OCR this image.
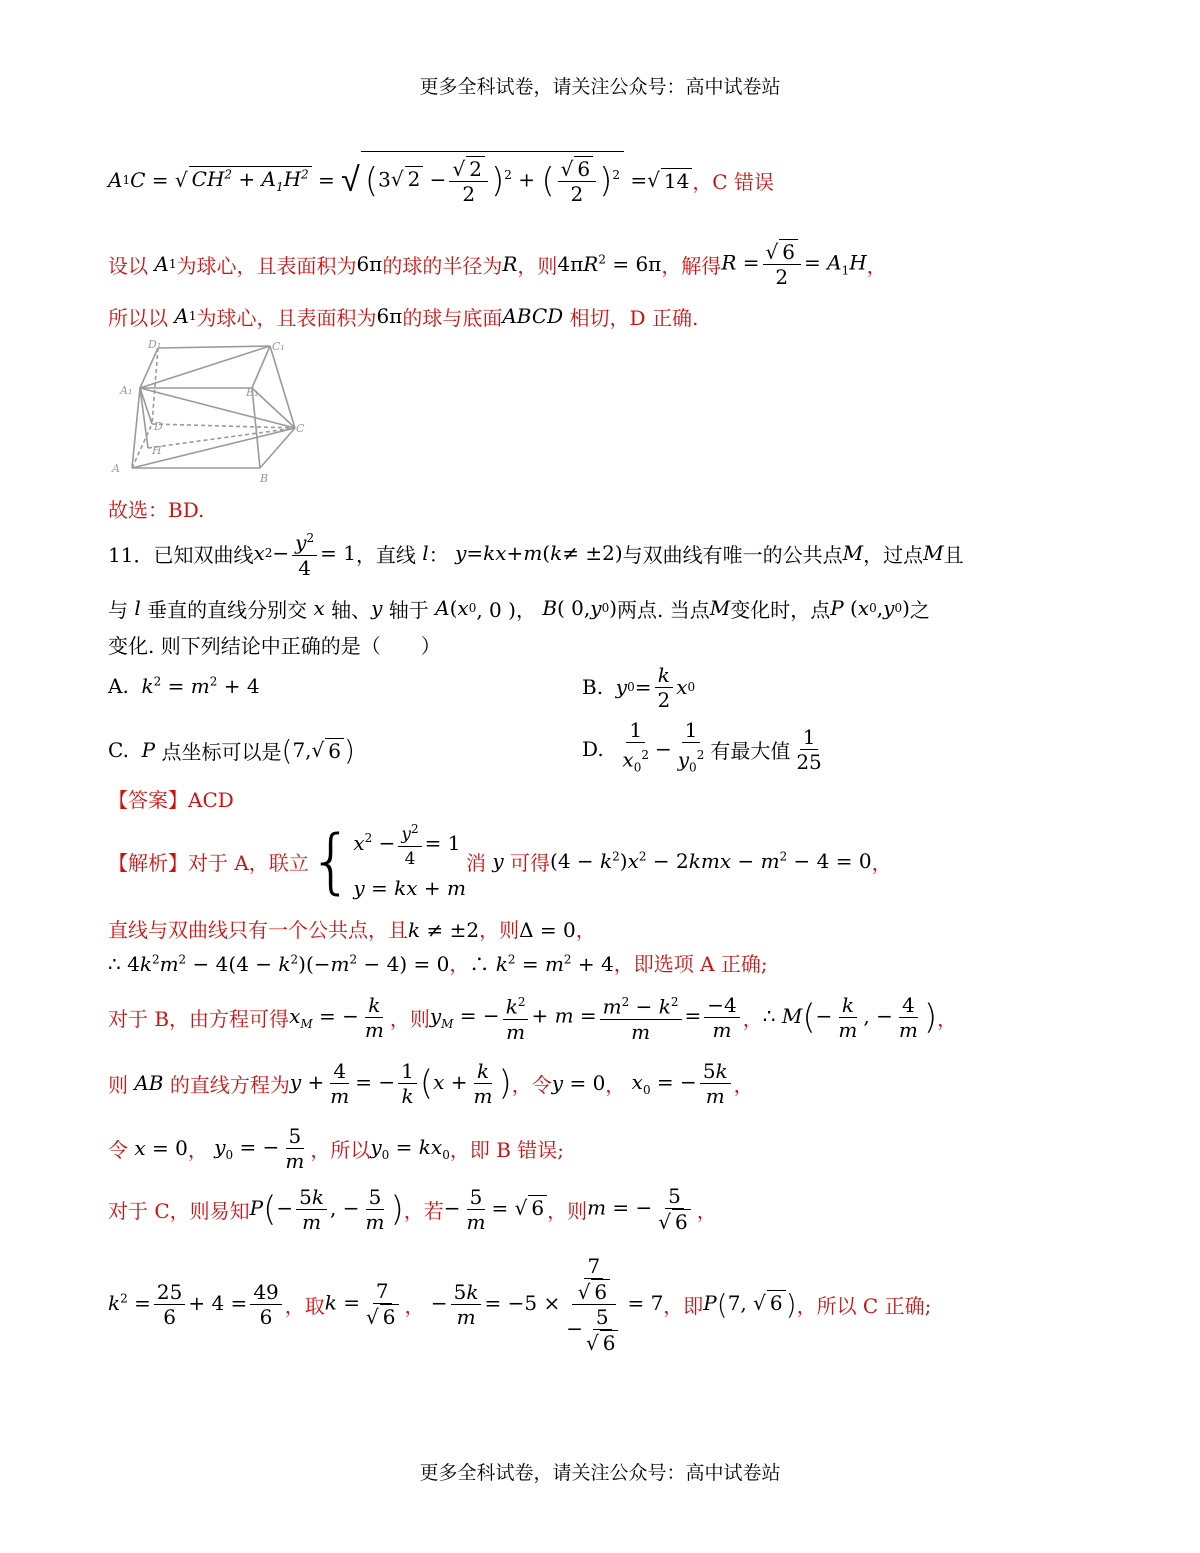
更多全科试卷，请关注公众号：高中试卷站
A 1 C = √ $CH^2 + A_1H^2$ = √ (3 √ 2 − √ $\frac{2}{2} )^2$ + ( √ $\frac{6}{2} )^2$ = √ 14 ，C 错误
设以 A 1 为球心，且表面积为 6π 的球的半径为 R ，则 $4\pi R^2 = 6\pi$ ，解得 R = √ $\frac{6}{2} = A_1H$ ，
所以以 A 1 为球心，且表面积为 6π 的球与底面 ABCD
相切，D 正确.
D₁	C₁
A₁	B₁
D	C
H
A
B
故选：BD.
11．已知双曲线 x $2 - \frac{y^2}{4} = 1$ ，直线
l ： y = kx + m ( k ≠ ±2) 与双曲线有唯一的公共点 M ， 过点 M 且
与
l
垂直的直线分别交
x
轴、 y
轴于 A ( x 0 , 0 )， B ( 0, y 0 ) 两点. 当点 M 变化时，点 P ( x 0 , y 0 ) 之
变化. 则下列结论中正确的是（　　）
A. $k^2 = m^2 + 4$	B.
y $0 = \frac{k}{2}$ x 0
C.
P
点坐标可以是 ( 7, √ 6 )	D.
$\frac{1}{x_0^2} - \frac{1}{y_0^2}$ 有最大值 $\frac{1}{25}$
【答案】ACD
【解析】对于 A，联立 { $x^2 - \frac{y^2}{4} = 1$
y = kx + m
消 y 可得 $(4 - k^2)x^2 - 2kmx - m^2 - 4 = 0$ ，
直线与双曲线只有一个公共点，且k ≠ ±2，则Δ = 0，
∴ $4k^2m^2 - 4(4 - k^2)(-m^2 - 4) = 0$，∴ $k^2 = m^2 + 4$，即选项 A 正确;
对于 B，由方程可得 $x_M$ = − $\frac{k}{m}$ ，则 $y_M$ = − $\frac{k^2}{m} + m = \frac{m^2 - k^2}{m} = \frac{-4}{m}$ ， ∴ $M(- \frac{k}{m}$ , − $\frac{4}{m}$ ) ，
则 AB 的直线方程为 $y + \frac{4}{m}$ = − $\frac{1}{k} (x + \frac{k}{m}$ ) ，令 y = 0 ， $x_0$ = − $\frac{5k}{m}$ ，
令 x = 0 ， $y_0$ = − $\frac{5}{m}$ ，所以 $y_0 = kx_0$ ，即 B 错误;
对于 C，则易知 $P(- \frac{5k}{m}$ , − $\frac{5}{m}$ ) ，若 − $\frac{5}{m}$ = √ 6 ，则 m = − 5
√ 6 ，
$k^2 = \frac{25}{6} + 4 = \frac{49}{6}$ ，取 k = 7
√ 6 ， − $\frac{5k}{m} = -5 \times 7$
√ 6
− 5
√ 6 = 7 ，即 P(7, √ 6 ) ，所以 C 正确;
更多全科试卷，请关注公众号：高中试卷站
